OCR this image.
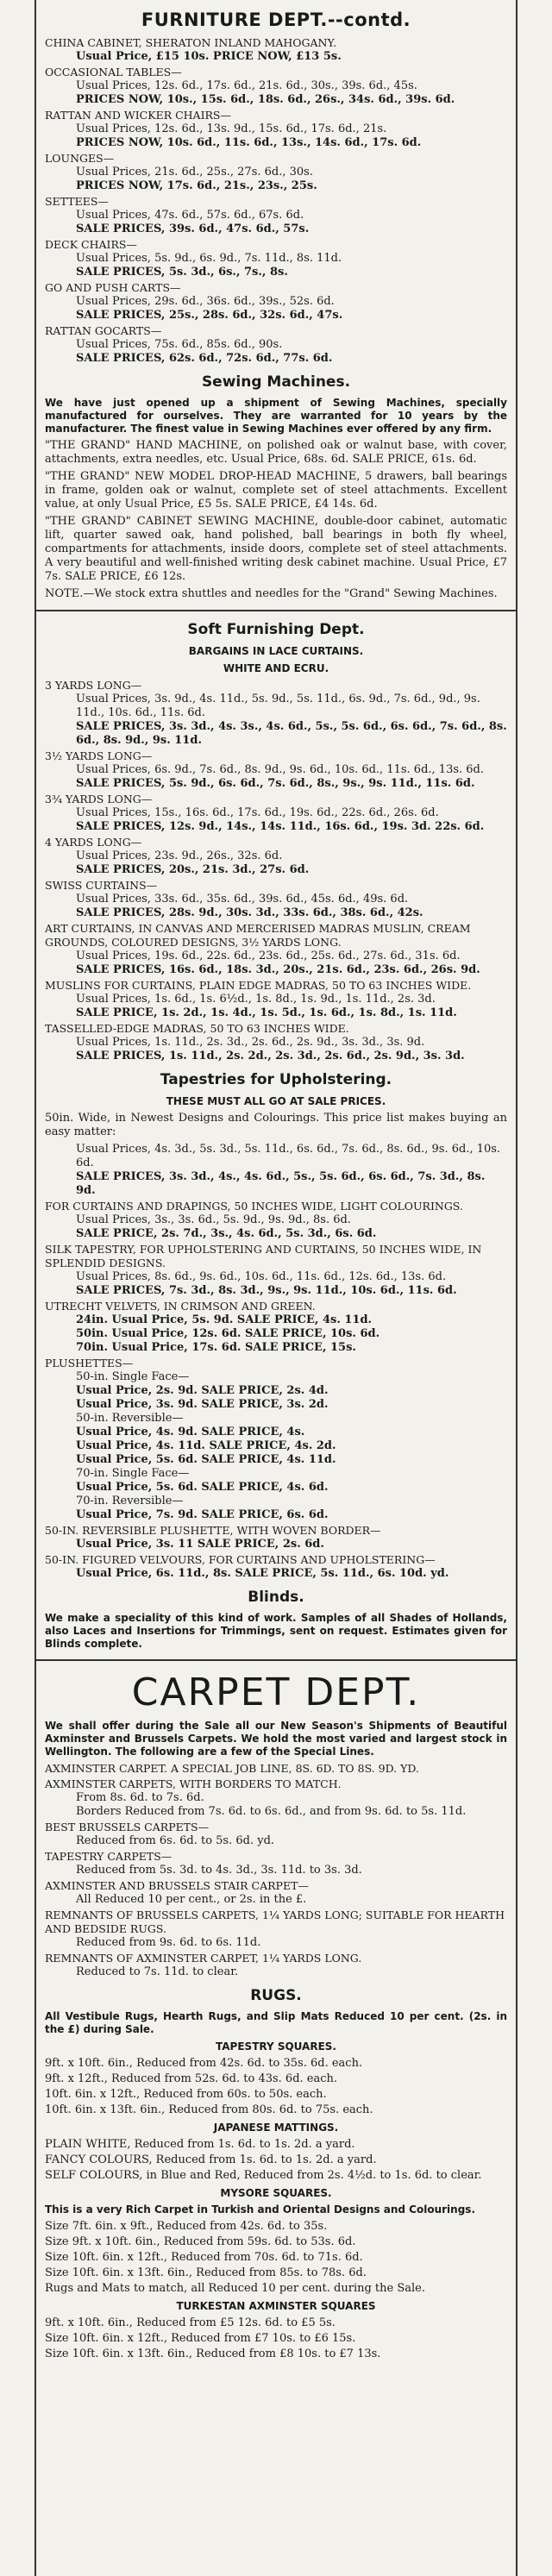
FURNITURE DEPT.--contd.
CHINA CABINET, SHERATON INLAND MAHOGANY.
Usual Price, £15 10s. PRICE NOW, £13 5s.
OCCASIONAL TABLES—
Usual Prices, 12s. 6d., 17s. 6d., 21s. 6d., 30s., 39s. 6d., 45s.
PRICES NOW, 10s., 15s. 6d., 18s. 6d., 26s., 34s. 6d., 39s. 6d.
RATTAN AND WICKER CHAIRS—
Usual Prices, 12s. 6d., 13s. 9d., 15s. 6d., 17s. 6d., 21s.
PRICES NOW, 10s. 6d., 11s. 6d., 13s., 14s. 6d., 17s. 6d.
LOUNGES—
Usual Prices, 21s. 6d., 25s., 27s. 6d., 30s.
PRICES NOW, 17s. 6d., 21s., 23s., 25s.
SETTEES—
Usual Prices, 47s. 6d., 57s. 6d., 67s. 6d.
SALE PRICES, 39s. 6d., 47s. 6d., 57s.
DECK CHAIRS—
Usual Prices, 5s. 9d., 6s. 9d., 7s. 11d., 8s. 11d.
SALE PRICES, 5s. 3d., 6s., 7s., 8s.
GO AND PUSH CARTS—
Usual Prices, 29s. 6d., 36s. 6d., 39s., 52s. 6d.
SALE PRICES, 25s., 28s. 6d., 32s. 6d., 47s.
RATTAN GOCARTS—
Usual Prices, 75s. 6d., 85s. 6d., 90s.
SALE PRICES, 62s. 6d., 72s. 6d., 77s. 6d.
Sewing Machines.
We have just opened up a shipment of Sewing Machines, specially manufactured for ourselves. They are warranted for 10 years by the manufacturer. The finest value in Sewing Machines ever offered by any firm.
"THE GRAND" HAND MACHINE, on polished oak or walnut base, with cover, attachments, extra needles, etc. Usual Price, 68s. 6d. SALE PRICE, 61s. 6d.
"THE GRAND" NEW MODEL DROP-HEAD MACHINE, 5 drawers, ball bearings in frame, golden oak or walnut, complete set of steel attachments. Excellent value, at only Usual Price, £5 5s. SALE PRICE, £4 14s. 6d.
"THE GRAND" CABINET SEWING MACHINE, double-door cabinet, automatic lift, quarter sawed oak, hand polished, ball bearings in both fly wheel, compartments for attachments, inside doors, complete set of steel attachments. A very beautiful and well-finished writing desk cabinet machine. Usual Price, £7 7s. SALE PRICE, £6 12s.
NOTE.—We stock extra shuttles and needles for the "Grand" Sewing Machines.
Soft Furnishing Dept.
BARGAINS IN LACE CURTAINS.
WHITE AND ECRU.
3 YARDS LONG—
Usual Prices, 3s. 9d., 4s. 11d., 5s. 9d., 5s. 11d., 6s. 9d., 7s. 6d., 9d., 9s. 11d., 10s. 6d., 11s. 6d.
SALE PRICES, 3s. 3d., 4s. 3s., 4s. 6d., 5s., 5s. 6d., 6s. 6d., 7s. 6d., 8s. 6d., 8s. 9d., 9s. 11d.
3½ YARDS LONG—
Usual Prices, 6s. 9d., 7s. 6d., 8s. 9d., 9s. 6d., 10s. 6d., 11s. 6d., 13s. 6d.
SALE PRICES, 5s. 9d., 6s. 6d., 7s. 6d., 8s., 9s., 9s. 11d., 11s. 6d.
3¾ YARDS LONG—
Usual Prices, 15s., 16s. 6d., 17s. 6d., 19s. 6d., 22s. 6d., 26s. 6d.
SALE PRICES, 12s. 9d., 14s., 14s. 11d., 16s. 6d., 19s. 3d. 22s. 6d.
4 YARDS LONG—
Usual Prices, 23s. 9d., 26s., 32s. 6d.
SALE PRICES, 20s., 21s. 3d., 27s. 6d.
SWISS CURTAINS—
Usual Prices, 33s. 6d., 35s. 6d., 39s. 6d., 45s. 6d., 49s. 6d.
SALE PRICES, 28s. 9d., 30s. 3d., 33s. 6d., 38s. 6d., 42s.
ART CURTAINS, IN CANVAS AND MERCERISED MADRAS MUSLIN, CREAM GROUNDS, COLOURED DESIGNS, 3½ YARDS LONG.
Usual Prices, 19s. 6d., 22s. 6d., 23s. 6d., 25s. 6d., 27s. 6d., 31s. 6d.
SALE PRICES, 16s. 6d., 18s. 3d., 20s., 21s. 6d., 23s. 6d., 26s. 9d.
MUSLINS FOR CURTAINS, PLAIN EDGE MADRAS, 50 TO 63 INCHES WIDE.
Usual Prices, 1s. 6d., 1s. 6½d., 1s. 8d., 1s. 9d., 1s. 11d., 2s. 3d.
SALE PRICE, 1s. 2d., 1s. 4d., 1s. 5d., 1s. 6d., 1s. 8d., 1s. 11d.
TASSELLED-EDGE MADRAS, 50 TO 63 INCHES WIDE.
Usual Prices, 1s. 11d., 2s. 3d., 2s. 6d., 2s. 9d., 3s. 3d., 3s. 9d.
SALE PRICES, 1s. 11d., 2s. 2d., 2s. 3d., 2s. 6d., 2s. 9d., 3s. 3d.
Tapestries for Upholstering.
THESE MUST ALL GO AT SALE PRICES.
50in. Wide, in Newest Designs and Colourings. This price list makes buying an easy matter:
Usual Prices, 4s. 3d., 5s. 3d., 5s. 11d., 6s. 6d., 7s. 6d., 8s. 6d., 9s. 6d., 10s. 6d.
SALE PRICES, 3s. 3d., 4s., 4s. 6d., 5s., 5s. 6d., 6s. 6d., 7s. 3d., 8s. 9d.
FOR CURTAINS AND DRAPINGS, 50 INCHES WIDE, LIGHT COLOURINGS.
Usual Prices, 3s., 3s. 6d., 5s. 9d., 9s. 9d., 8s. 6d.
SALE PRICE, 2s. 7d., 3s., 4s. 6d., 5s. 3d., 6s. 6d.
SILK TAPESTRY, FOR UPHOLSTERING AND CURTAINS, 50 INCHES WIDE, IN SPLENDID DESIGNS.
Usual Prices, 8s. 6d., 9s. 6d., 10s. 6d., 11s. 6d., 12s. 6d., 13s. 6d.
SALE PRICES, 7s. 3d., 8s. 3d., 9s., 9s. 11d., 10s. 6d., 11s. 6d.
UTRECHT VELVETS, IN CRIMSON AND GREEN.
24in. Usual Price, 5s. 9d. SALE PRICE, 4s. 11d.
50in. Usual Price, 12s. 6d. SALE PRICE, 10s. 6d.
70in. Usual Price, 17s. 6d. SALE PRICE, 15s.
PLUSHETTES—
50-in. Single Face—
Usual Price, 2s. 9d. SALE PRICE, 2s. 4d.
Usual Price, 3s. 9d. SALE PRICE, 3s. 2d.
50-in. Reversible—
Usual Price, 4s. 9d. SALE PRICE, 4s.
Usual Price, 4s. 11d. SALE PRICE, 4s. 2d.
Usual Price, 5s. 6d. SALE PRICE, 4s. 11d.
70-in. Single Face—
Usual Price, 5s. 6d. SALE PRICE, 4s. 6d.
70-in. Reversible—
Usual Price, 7s. 9d. SALE PRICE, 6s. 6d.
50-IN. REVERSIBLE PLUSHETTE, WITH WOVEN BORDER—
Usual Price, 3s. 11 SALE PRICE, 2s. 6d.
50-IN. FIGURED VELVOURS, FOR CURTAINS AND UPHOLSTERING—
Usual Price, 6s. 11d., 8s. SALE PRICE, 5s. 11d., 6s. 10d. yd.
Blinds.
We make a speciality of this kind of work. Samples of all Shades of Hollands, also Laces and Insertions for Trimmings, sent on request. Estimates given for Blinds complete.
CARPET DEPT.
We shall offer during the Sale all our New Season's Shipments of Beautiful Axminster and Brussels Carpets. We hold the most varied and largest stock in Wellington. The following are a few of the Special Lines.
AXMINSTER CARPET. A SPECIAL JOB LINE, 8S. 6D. TO 8S. 9D. YD.
AXMINSTER CARPETS, WITH BORDERS TO MATCH.
From 8s. 6d. to 7s. 6d.
Borders Reduced from 7s. 6d. to 6s. 6d., and from 9s. 6d. to 5s. 11d.
BEST BRUSSELS CARPETS—
Reduced from 6s. 6d. to 5s. 6d. yd.
TAPESTRY CARPETS—
Reduced from 5s. 3d. to 4s. 3d., 3s. 11d. to 3s. 3d.
AXMINSTER AND BRUSSELS STAIR CARPET—
All Reduced 10 per cent., or 2s. in the £.
REMNANTS OF BRUSSELS CARPETS, 1¼ YARDS LONG; SUITABLE FOR HEARTH AND BEDSIDE RUGS.
Reduced from 9s. 6d. to 6s. 11d.
REMNANTS OF AXMINSTER CARPET, 1¼ YARDS LONG.
Reduced to 7s. 11d. to clear.
RUGS.
All Vestibule Rugs, Hearth Rugs, and Slip Mats Reduced 10 per cent. (2s. in the £) during Sale.
TAPESTRY SQUARES.
9ft. x 10ft. 6in., Reduced from 42s. 6d. to 35s. 6d. each.
9ft. x 12ft., Reduced from 52s. 6d. to 43s. 6d. each.
10ft. 6in. x 12ft., Reduced from 60s. to 50s. each.
10ft. 6in. x 13ft. 6in., Reduced from 80s. 6d. to 75s. each.
JAPANESE MATTINGS.
PLAIN WHITE, Reduced from 1s. 6d. to 1s. 2d. a yard.
FANCY COLOURS, Reduced from 1s. 6d. to 1s. 2d. a yard.
SELF COLOURS, in Blue and Red, Reduced from 2s. 4½d. to 1s. 6d. to clear.
MYSORE SQUARES.
This is a very Rich Carpet in Turkish and Oriental Designs and Colourings.
Size 7ft. 6in. x 9ft., Reduced from 42s. 6d. to 35s.
Size 9ft. x 10ft. 6in., Reduced from 59s. 6d. to 53s. 6d.
Size 10ft. 6in. x 12ft., Reduced from 70s. 6d. to 71s. 6d.
Size 10ft. 6in. x 13ft. 6in., Reduced from 85s. to 78s. 6d.
Rugs and Mats to match, all Reduced 10 per cent. during the Sale.
TURKESTAN AXMINSTER SQUARES
9ft. x 10ft. 6in., Reduced from £5 12s. 6d. to £5 5s.
Size 10ft. 6in. x 12ft., Reduced from £7 10s. to £6 15s.
Size 10ft. 6in. x 13ft. 6in., Reduced from £8 10s. to £7 13s.
